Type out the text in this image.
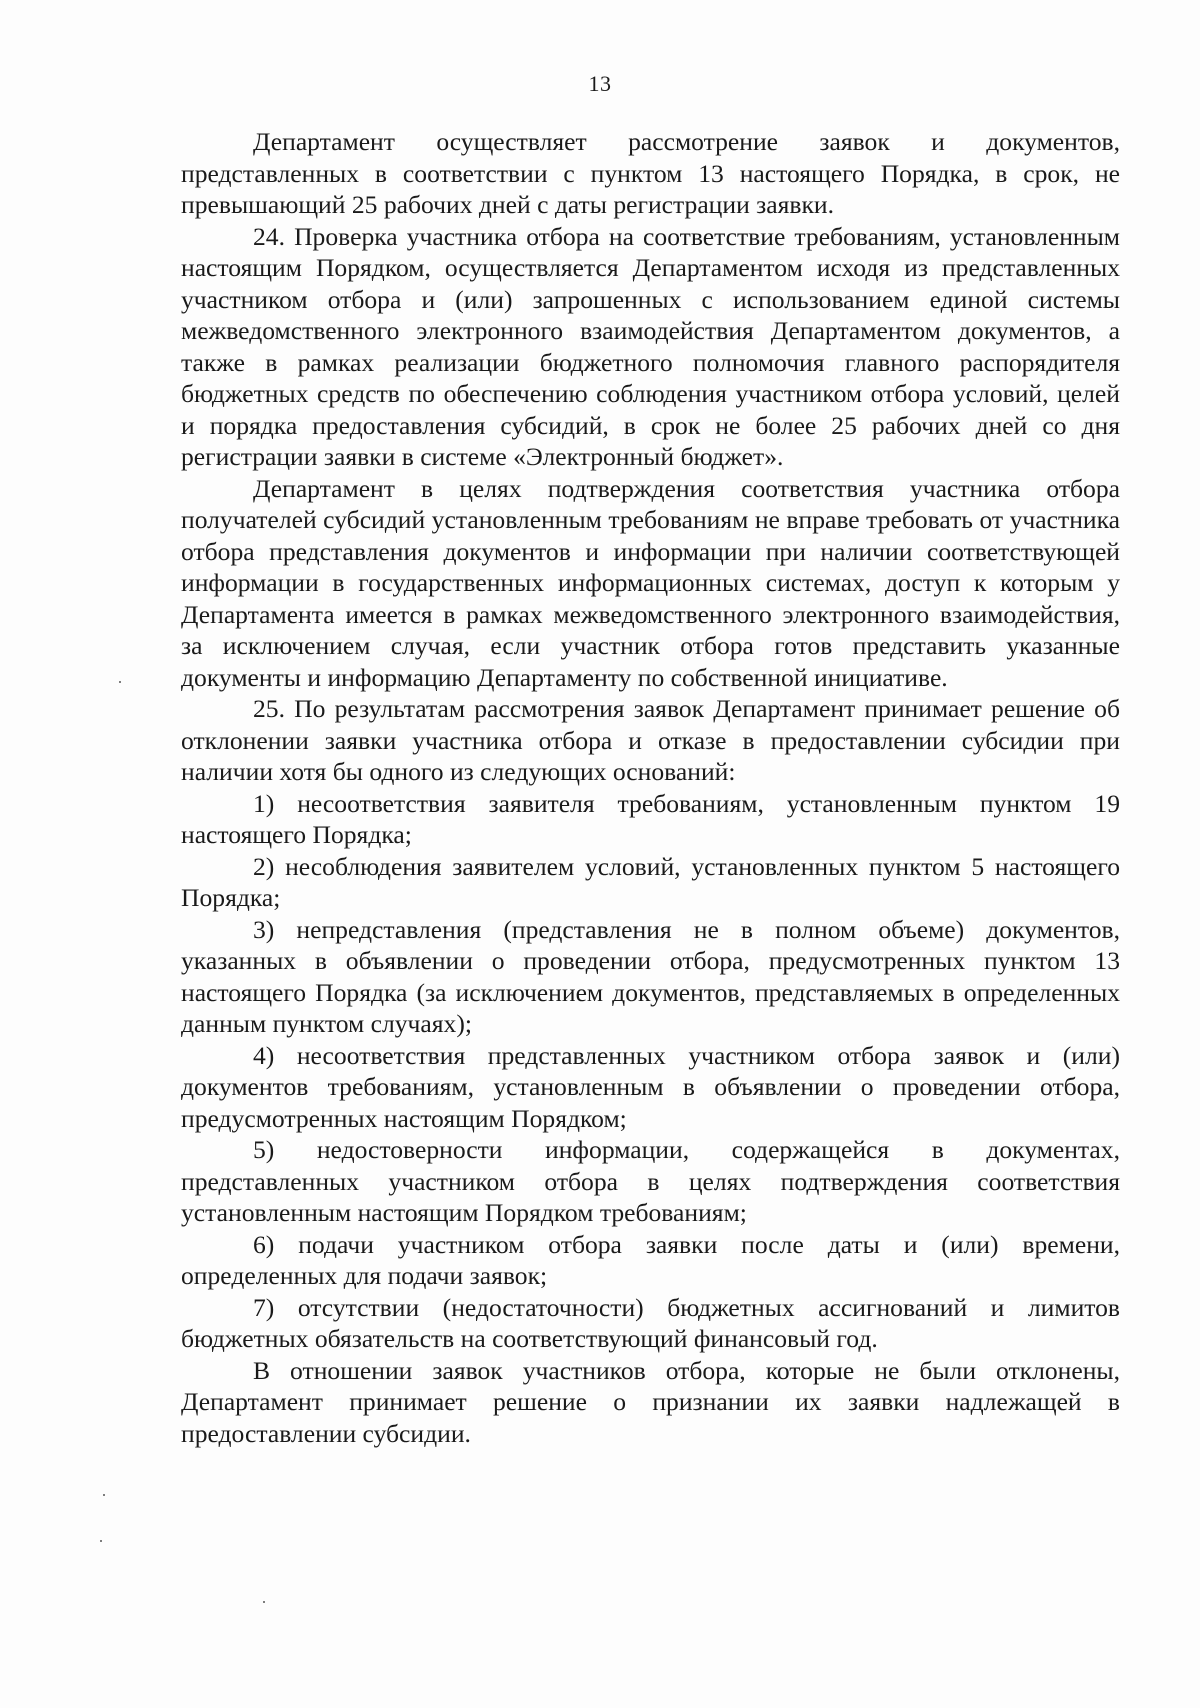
13

Департамент осуществляет рассмотрение заявок и документов, представленных в соответствии с пунктом 13 настоящего Порядка, в срок, не превышающий 25 рабочих дней с даты регистрации заявки.

24. Проверка участника отбора на соответствие требованиям, установленным настоящим Порядком, осуществляется Департаментом исходя из представленных участником отбора и (или) запрошенных с использованием единой системы межведомственного электронного взаимодействия Департаментом документов, а также в рамках реализации бюджетного полномочия главного распорядителя бюджетных средств по обеспечению соблюдения участником отбора условий, целей и порядка предоставления субсидий, в срок не более 25 рабочих дней со дня регистрации заявки в системе «Электронный бюджет».

Департамент в целях подтверждения соответствия участника отбора получателей субсидий установленным требованиям не вправе требовать от участника отбора представления документов и информации при наличии соответствующей информации в государственных информационных системах, доступ к которым у Департамента имеется в рамках межведомственного электронного взаимодействия, за исключением случая, если участник отбора готов представить указанные документы и информацию Департаменту по собственной инициативе.

25. По результатам рассмотрения заявок Департамент принимает решение об отклонении заявки участника отбора и отказе в предоставлении субсидии при наличии хотя бы одного из следующих оснований:

1) несоответствия заявителя требованиям, установленным пунктом 19 настоящего Порядка;

2) несоблюдения заявителем условий, установленных пунктом 5 настоящего Порядка;

3) непредставления (представления не в полном объеме) документов, указанных в объявлении о проведении отбора, предусмотренных пунктом 13 настоящего Порядка (за исключением документов, представляемых в определенных данным пунктом случаях);

4) несоответствия представленных участником отбора заявок и (или) документов требованиям, установленным в объявлении о проведении отбора, предусмотренных настоящим Порядком;

5) недостоверности информации, содержащейся в документах, представленных участником отбора в целях подтверждения соответствия установленным настоящим Порядком требованиям;

6) подачи участником отбора заявки после даты и (или) времени, определенных для подачи заявок;

7) отсутствии (недостаточности) бюджетных ассигнований и лимитов бюджетных обязательств на соответствующий финансовый год.

В отношении заявок участников отбора, которые не были отклонены, Департамент принимает решение о признании их заявки надлежащей в предоставлении субсидии.
